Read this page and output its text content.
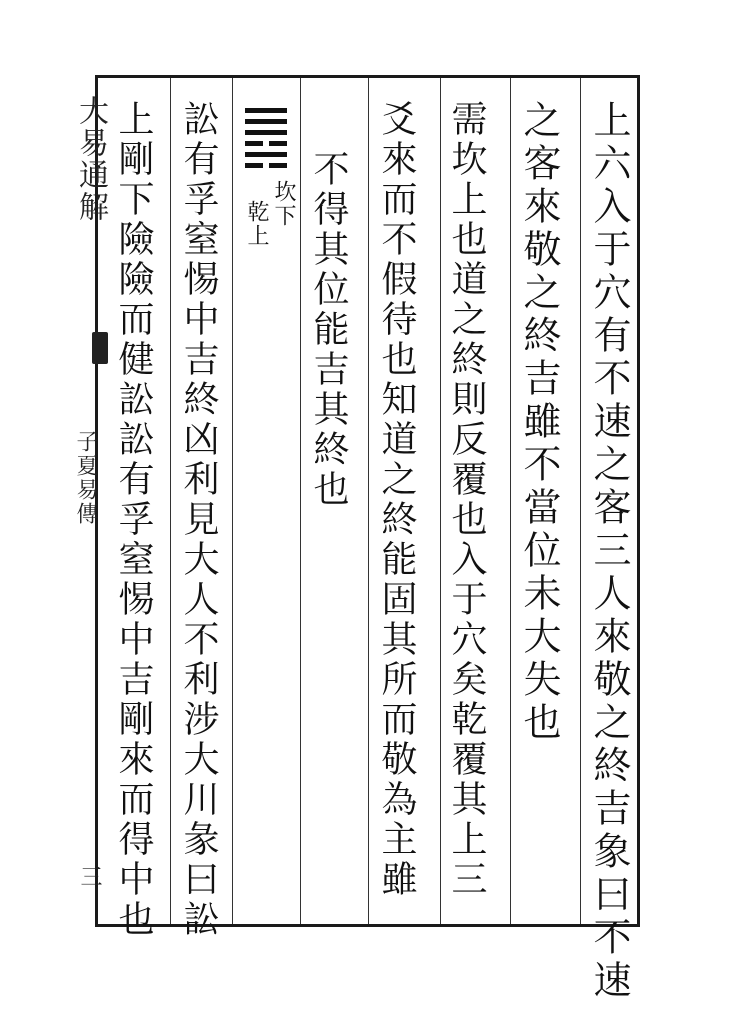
上六入于穴有不速之客三人來敬之終吉象曰不速
之客來敬之終吉雖不當位未大失也
需坎上也道之終則反覆也入于穴矣乾覆其上三
爻來而不假待也知道之終能固其所而敬為主雖
不得其位能吉其終也
坎下
乾上
訟有孚窒惕中吉終凶利見大人不利涉大川彖曰訟
上剛下險險而健訟訟有孚窒惕中吉剛來而得中也
大易通解
子夏易傳
三
